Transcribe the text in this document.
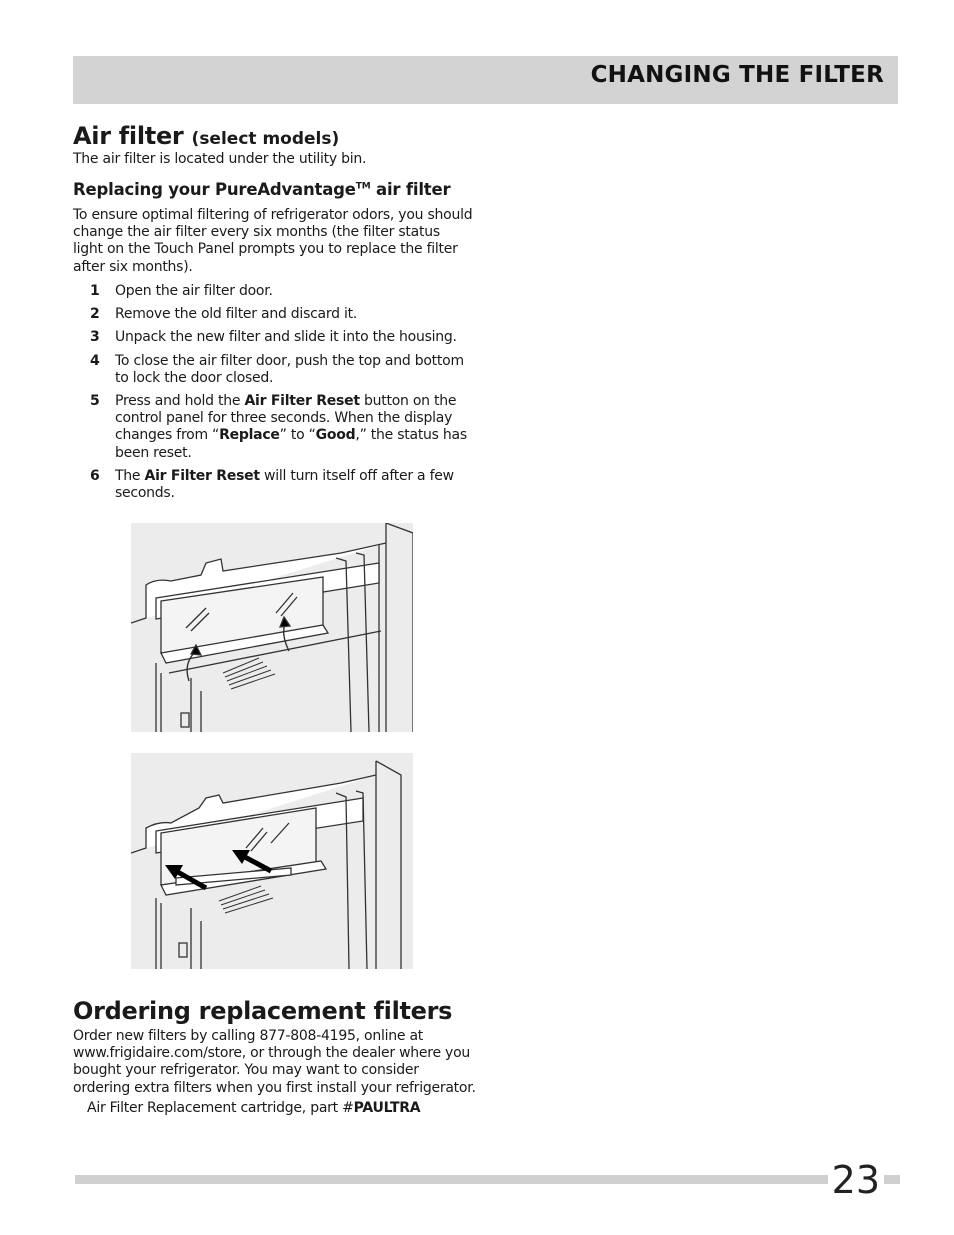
CHANGING THE FILTER
Air filter (select models)
The air filter is located under the utility bin.
Replacing your PureAdvantage™ air filter
To ensure optimal filtering of refrigerator odors, you should change the air filter every six months (the filter status light on the Touch Panel prompts you to replace the filter after six months).
1 Open the air filter door.
2 Remove the old filter and discard it.
3 Unpack the new filter and slide it into the housing.
4 To close the air filter door, push the top and bottom to lock the door closed.
5 Press and hold the Air Filter Reset button on the control panel for three seconds. When the display changes from “Replace” to “Good,” the status has been reset.
6 The Air Filter Reset will turn itself off after a few seconds.
Ordering replacement filters
Order new filters by calling 877-808-4195, online at www.frigidaire.com/store, or through the dealer where you bought your refrigerator. You may want to consider ordering extra filters when you first install your refrigerator.
Air Filter Replacement cartridge, part #PAULTRA
23
